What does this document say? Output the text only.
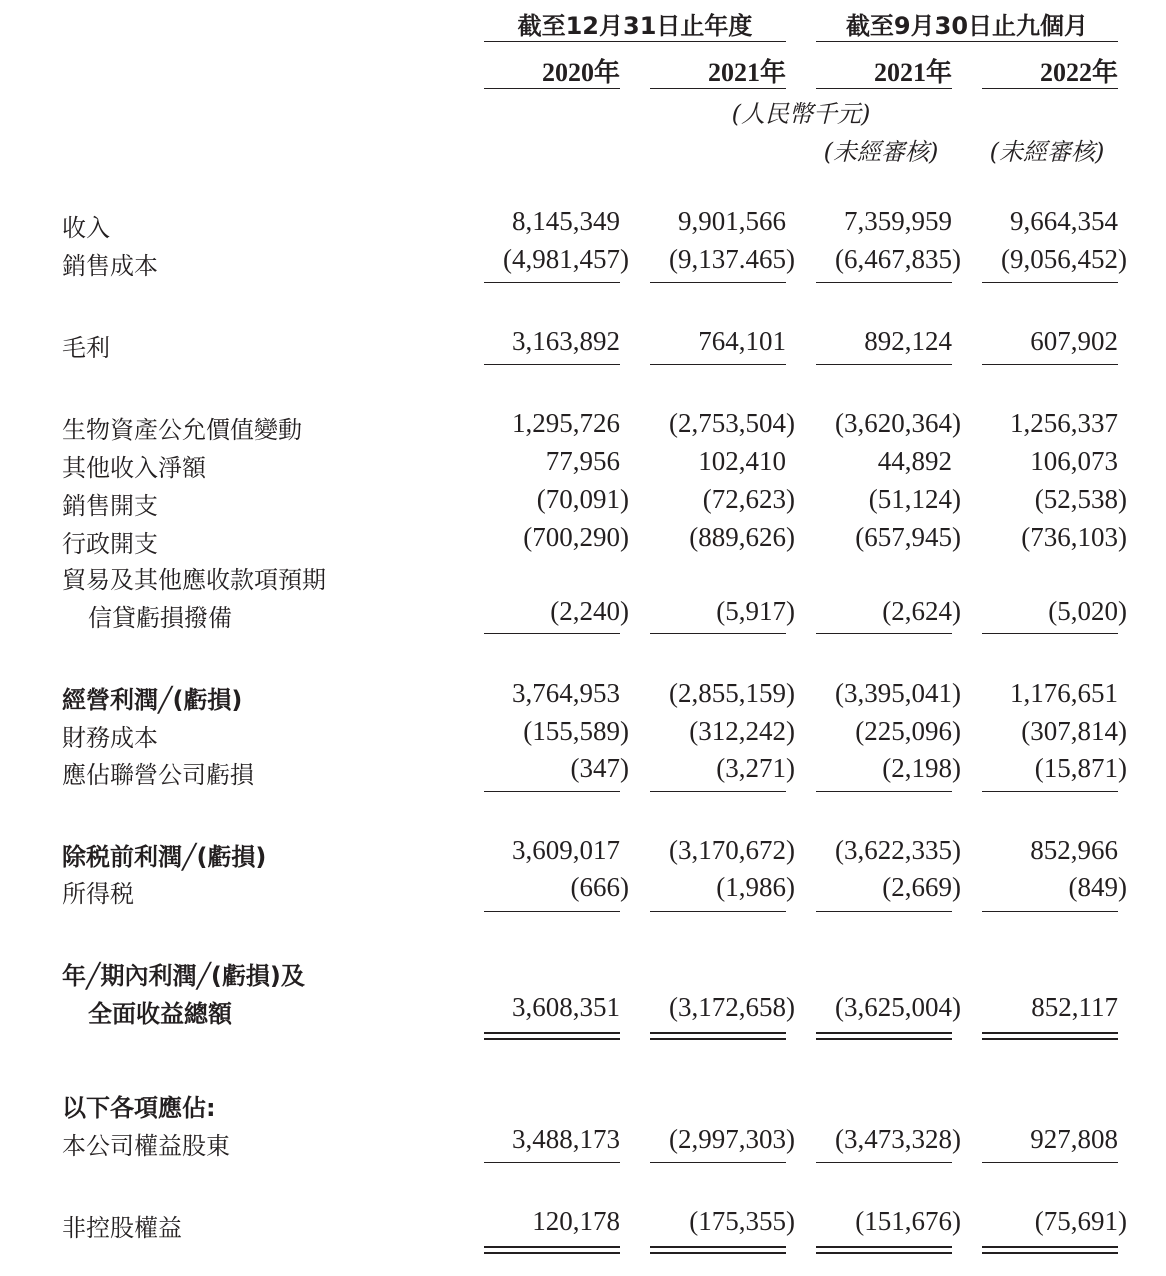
截至12月31日止年度	截至9月30日止九個月
2020年	2021年	2021年	2022年
(人民幣千元)
(未經審核)	(未經審核)
收入	8,145,349	9,901,566	7,359,959	9,664,354
銷售成本	(4,981,457)	(9,137.465)	(6,467,835)	(9,056,452)
毛利	3,163,892	764,101	892,124	607,902
生物資產公允價值變動	1,295,726	(2,753,504)	(3,620,364)	1,256,337
其他收入淨額	77,956	102,410	44,892	106,073
銷售開支	(70,091)	(72,623)	(51,124)	(52,538)
行政開支	(700,290)	(889,626)	(657,945)	(736,103)
貿易及其他應收款項預期
信貸虧損撥備	(2,240)	(5,917)	(2,624)	(5,020)
經營利潤╱(虧損)	3,764,953	(2,855,159)	(3,395,041)	1,176,651
財務成本	(155,589)	(312,242)	(225,096)	(307,814)
應佔聯營公司虧損	(347)	(3,271)	(2,198)	(15,871)
除税前利潤╱(虧損)	3,609,017	(3,170,672)	(3,622,335)	852,966
所得税	(666)	(1,986)	(2,669)	(849)
年╱期內利潤╱(虧損)及
全面收益總額	3,608,351	(3,172,658)	(3,625,004)	852,117
以下各項應佔:
本公司權益股東	3,488,173	(2,997,303)	(3,473,328)	927,808
非控股權益	120,178	(175,355)	(151,676)	(75,691)
